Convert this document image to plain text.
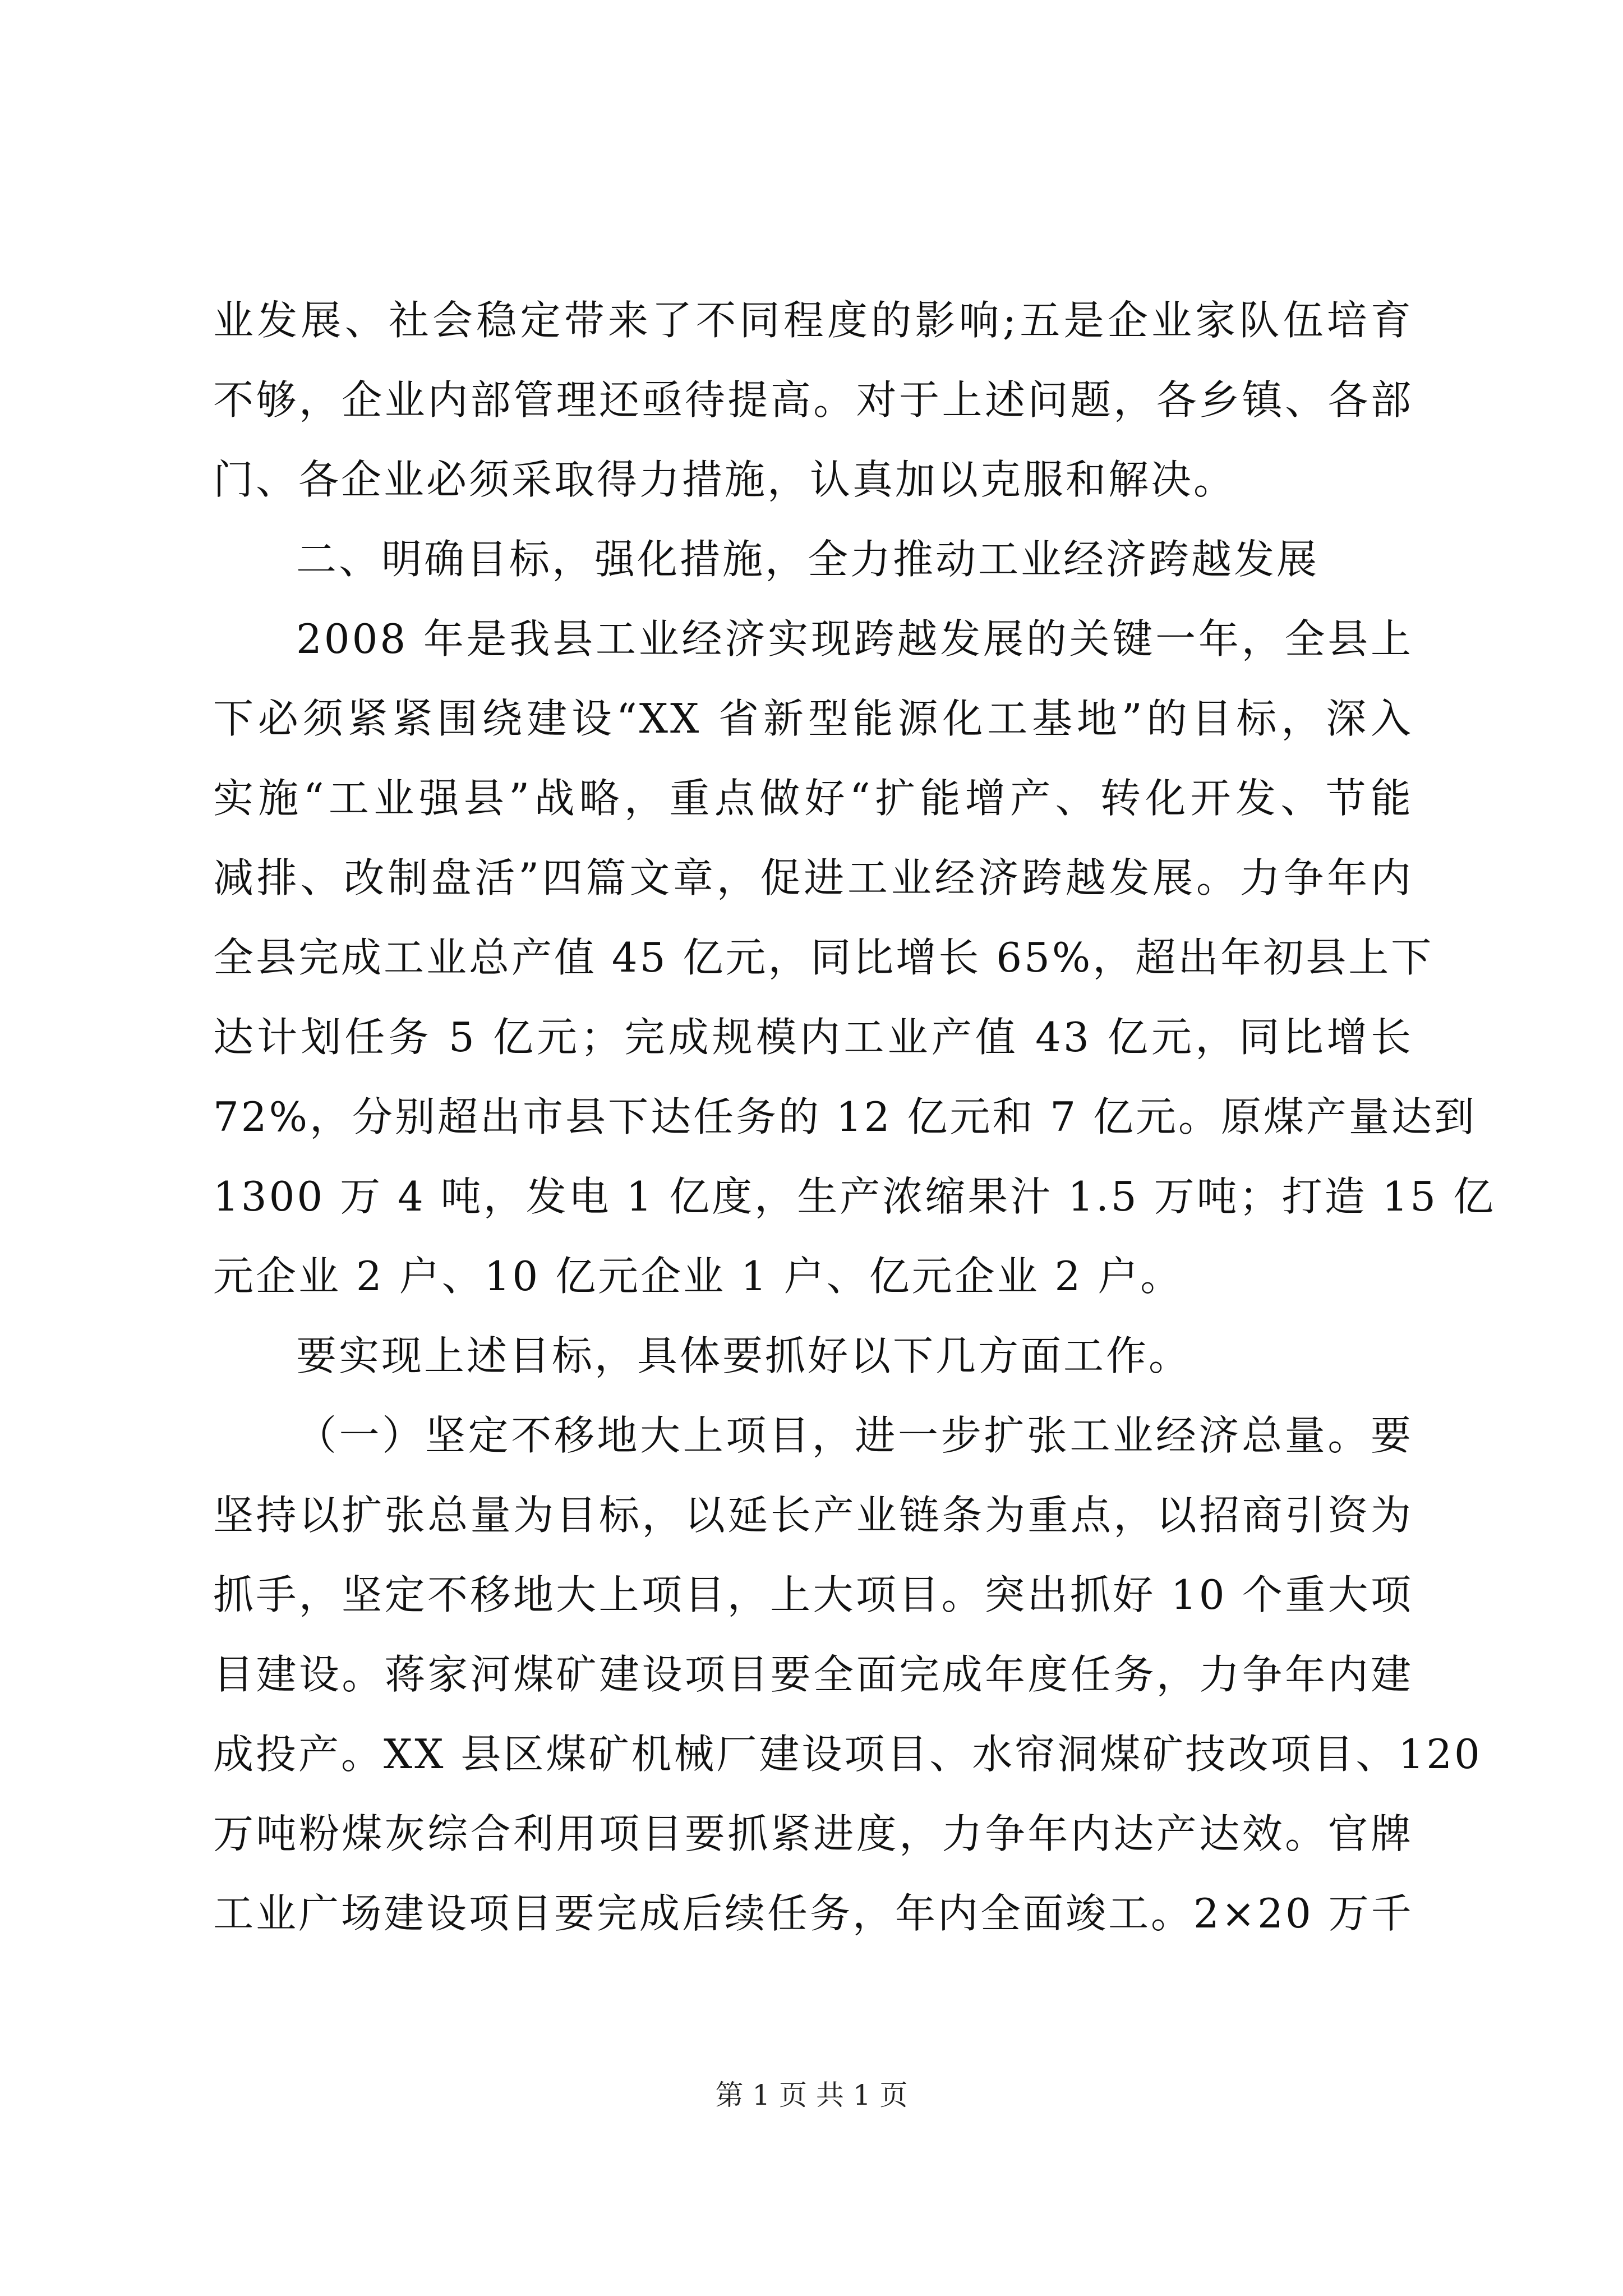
业发展、社会稳定带来了不同程度的影响;五是企业家队伍培育
不够，企业内部管理还亟待提高。对于上述问题，各乡镇、各部
门、各企业必须采取得力措施，认真加以克服和解决。
二、明确目标，强化措施，全力推动工业经济跨越发展
2008 年是我县工业经济实现跨越发展的关键一年，全县上
下必须紧紧围绕建设“XX 省新型能源化工基地”的目标，深入
实施“工业强县”战略，重点做好“扩能增产、转化开发、节能
减排、改制盘活”四篇文章，促进工业经济跨越发展。力争年内
全县完成工业总产值 45 亿元，同比增长 65%，超出年初县上下
达计划任务 5 亿元；完成规模内工业产值 43 亿元，同比增长
72%，分别超出市县下达任务的 12 亿元和 7 亿元。原煤产量达到
1300 万 4 吨，发电 1 亿度，生产浓缩果汁 1.5 万吨；打造 15 亿
元企业 2 户、10 亿元企业 1 户、亿元企业 2 户。
要实现上述目标，具体要抓好以下几方面工作。
（一）坚定不移地大上项目，进一步扩张工业经济总量。要
坚持以扩张总量为目标，以延长产业链条为重点，以招商引资为
抓手，坚定不移地大上项目，上大项目。突出抓好 10 个重大项
目建设。蒋家河煤矿建设项目要全面完成年度任务，力争年内建
成投产。XX 县区煤矿机械厂建设项目、水帘洞煤矿技改项目、120
万吨粉煤灰综合利用项目要抓紧进度，力争年内达产达效。官牌
工业广场建设项目要完成后续任务，年内全面竣工。2×20 万千
第 1 页 共 1 页
